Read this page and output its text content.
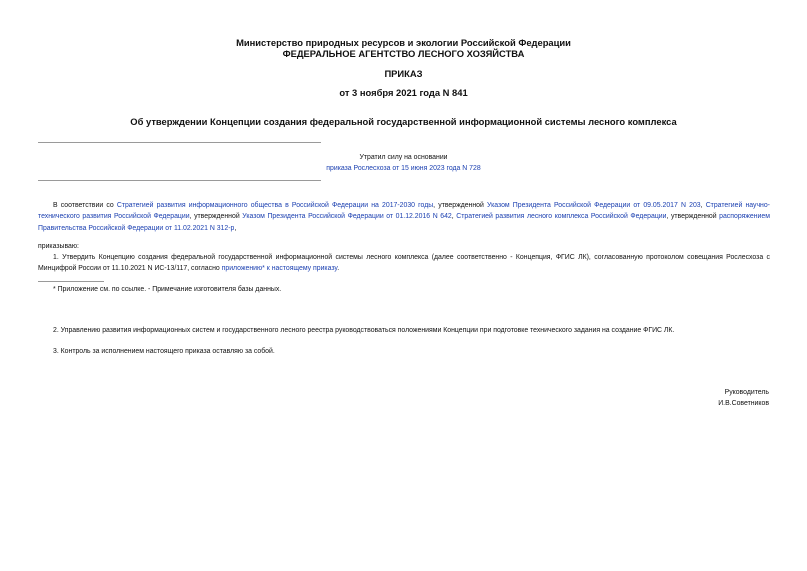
Министерство природных ресурсов и экологии Российской Федерации
ФЕДЕРАЛЬНОЕ АГЕНТСТВО ЛЕСНОГО ХОЗЯЙСТВА
ПРИКАЗ
от 3 ноября 2021 года N 841
Об утверждении Концепции создания федеральной государственной информационной системы лесного комплекса
Утратил силу на основании
приказа Рослесхоза от 15 июня 2023 года N 728
В соответствии со Стратегией развития информационного общества в Российской Федерации на 2017-2030 годы, утвержденной Указом Президента Российской Федерации от 09.05.2017 N 203, Стратегией научно-технического развития Российской Федерации, утвержденной Указом Президента Российской Федерации от 01.12.2016 N 642, Стратегией развития лесного комплекса Российской Федерации, утвержденной распоряжением Правительства Российской Федерации от 11.02.2021 N 312-р,
приказываю:
1. Утвердить Концепцию создания федеральной государственной информационной системы лесного комплекса (далее соответственно - Концепция, ФГИС ЛК), согласованную протоколом совещания Рослесхоза с Минцифрой России от 11.10.2021 N ИС-13/117, согласно приложению* к настоящему приказу.
* Приложение см. по ссылке. - Примечание изготовителя базы данных.
2. Управлению развития информационных систем и государственного лесного реестра руководствоваться положениями Концепции при подготовке технического задания на создание ФГИС ЛК.
3. Контроль за исполнением настоящего приказа оставляю за собой.
Руководитель
И.В.Советников
